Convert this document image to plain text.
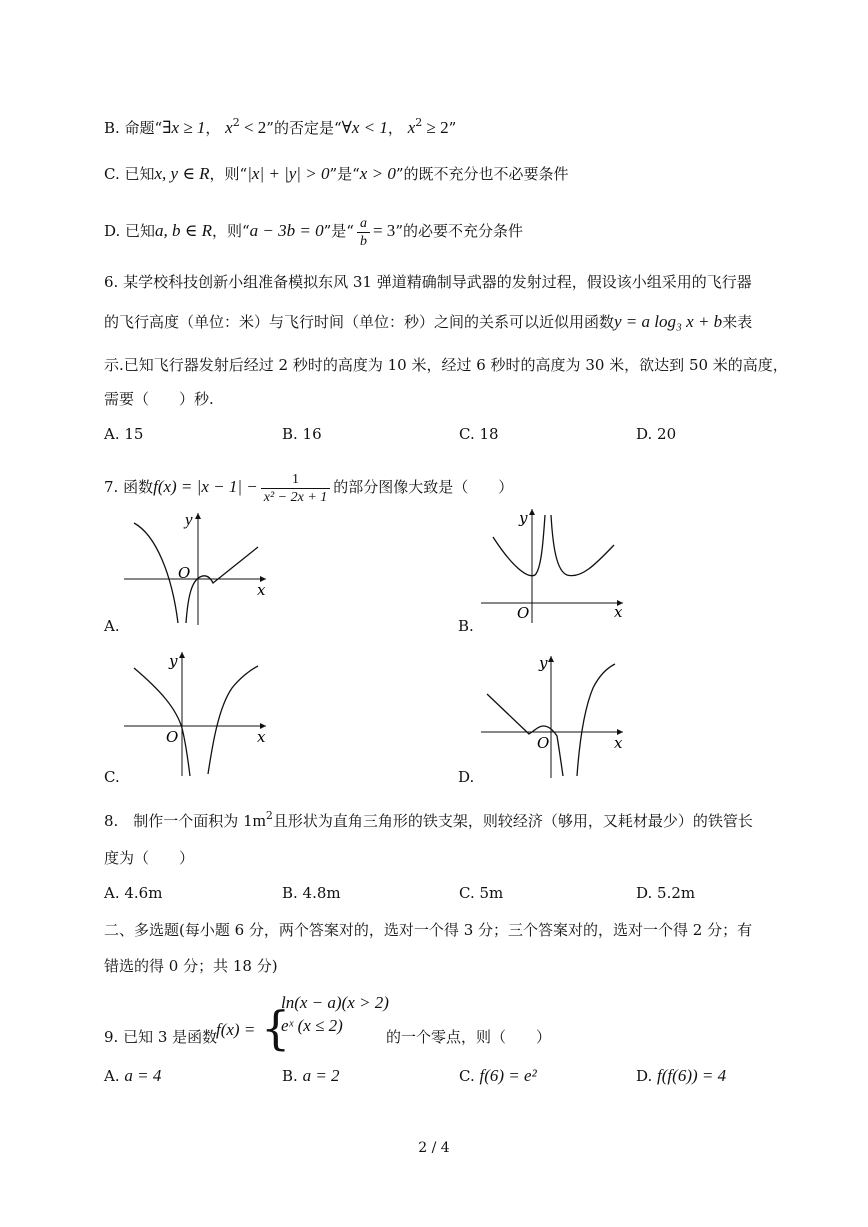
B. 命题“∃x ≥ 1， $x^2 < 2$”的否定是“∀x < 1， $x^2 \ge 2$”
C. 已知x, y ∈ R，则“|x| + |y| > 0”是“x > 0”的既不充分也不必要条件
D. 已知a, b ∈ R，则“a − 3b = 0”是“ $\frac{a}{b} = 3$”的必要不充分条件
6. 某学校科技创新小组准备模拟东风 31 弹道精确制导武器的发射过程，假设该小组采用的飞行器
的飞行高度（单位：米）与飞行时间（单位：秒）之间的关系可以近似用函数y = a log₃ x + b来表
示.已知飞行器发射后经过 2 秒时的高度为 10 米，经过 6 秒时的高度为 30 米，欲达到 50 米的高度，
需要（　　）秒.
A. 15	B. 16	C. 18	D. 20
7. 函数$f(x) = |x - 1| - \frac{1}{\text{x² − 2x + 1}}$ 的部分图像大致是（　　）
y
x
O
A.
y
x
O
B.
y
x
O
C.
y
x
O
D.
8.　制作一个面积为 $1m^2$且形状为直角三角形的铁支架，则较经济（够用，又耗材最少）的铁管长
度为（　　）
A. 4.6m	B. 4.8m	C. 5m	D. 5.2m
二、多选题(每小题 6 分，两个答案对的，选对一个得 3 分；三个答案对的，选对一个得 2 分；有
错选的得 0 分；共 18 分)
9. 已知 3 是函数
f(x) = {
ln(x − a)(x > 2)
eˣ (x ≤ 2)
的一个零点，则（　　）
A. a = 4	B. a = 2	C. f(6) = e²	D. f(f(6)) = 4
2 / 4
